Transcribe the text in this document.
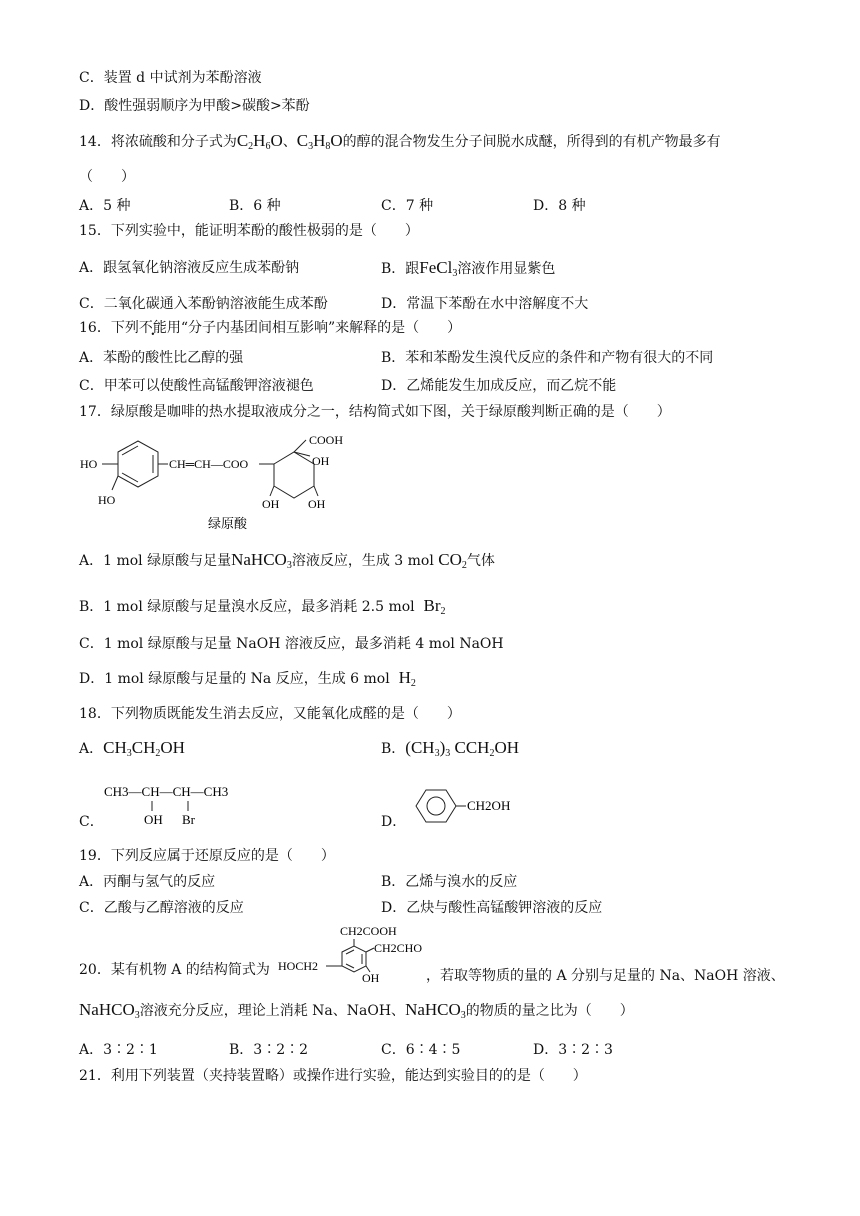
C．装置 d 中试剂为苯酚溶液
D．酸性强弱顺序为甲酸>碳酸>苯酚
14．将浓硫酸和分子式为$C_2H_6O$、$C_3H_8O$的醇的混合物发生分子间脱水成醚，所得到的有机产物最多有
（　　）
A．5 种	B．6 种	C．7 种	D．8 种
15．下列实验中，能证明苯酚的酸性极弱的是（　　）
A．跟氢氧化钠溶液反应生成苯酚钠	B．跟FeCl$_3$溶液作用显紫色
C．二氧化碳通入苯酚钠溶液能生成苯酚	D．常温下苯酚在水中溶解度不大
16．下列不能用“分子内基团间相互影响”来解释的是（　　）
A．苯酚的酸性比乙醇的强	B．苯和苯酚发生溴代反应的条件和产物有很大的不同
C．甲苯可以使酸性高锰酸钾溶液褪色	D．乙烯能发生加成反应，而乙烷不能
17．绿原酸是咖啡的热水提取液成分之一，结构简式如下图，关于绿原酸判断正确的是（　　）
HO
HO
CH═CH—COO
COOH
OH
OH OH
绿原酸
A．1 mol 绿原酸与足量NaHCO$_3$溶液反应，生成 3 mol $CO_2$气体
B．1 mol 绿原酸与足量溴水反应，最多消耗 2.5 mol $Br_2$
C．1 mol 绿原酸与足量 NaOH 溶液反应，最多消耗 4 mol NaOH
D．1 mol 绿原酸与足量的 Na 反应，生成 6 mol $H_2$
18．下列物质既能发生消去反应，又能氧化成醛的是（　　）
A．$CH_3CH_2OH$	B．$(CH_3)_3$ $CCH_2OH$
C．
CH3—CH—CH—CH3
OH Br	D．
CH2OH
19．下列反应属于还原反应的是（　　）
A．丙酮与氢气的反应	B．乙烯与溴水的反应
C．乙酸与乙醇溶液的反应	D．乙炔与酸性高锰酸钾溶液的反应
20．某有机物 A 的结构简式为
CH2COOH
CH2CHO
HOCH2
OH	，若取等物质的量的 A 分别与足量的 Na、NaOH 溶液、
NaHCO$_3$溶液充分反应，理论上消耗 Na、NaOH、NaHCO$_3$的物质的量之比为（　　）
A．3∶2∶1	B．3∶2∶2	C．6∶4∶5	D．3∶2∶3
21．利用下列装置（夹持装置略）或操作进行实验，能达到实验目的的是（　　）
